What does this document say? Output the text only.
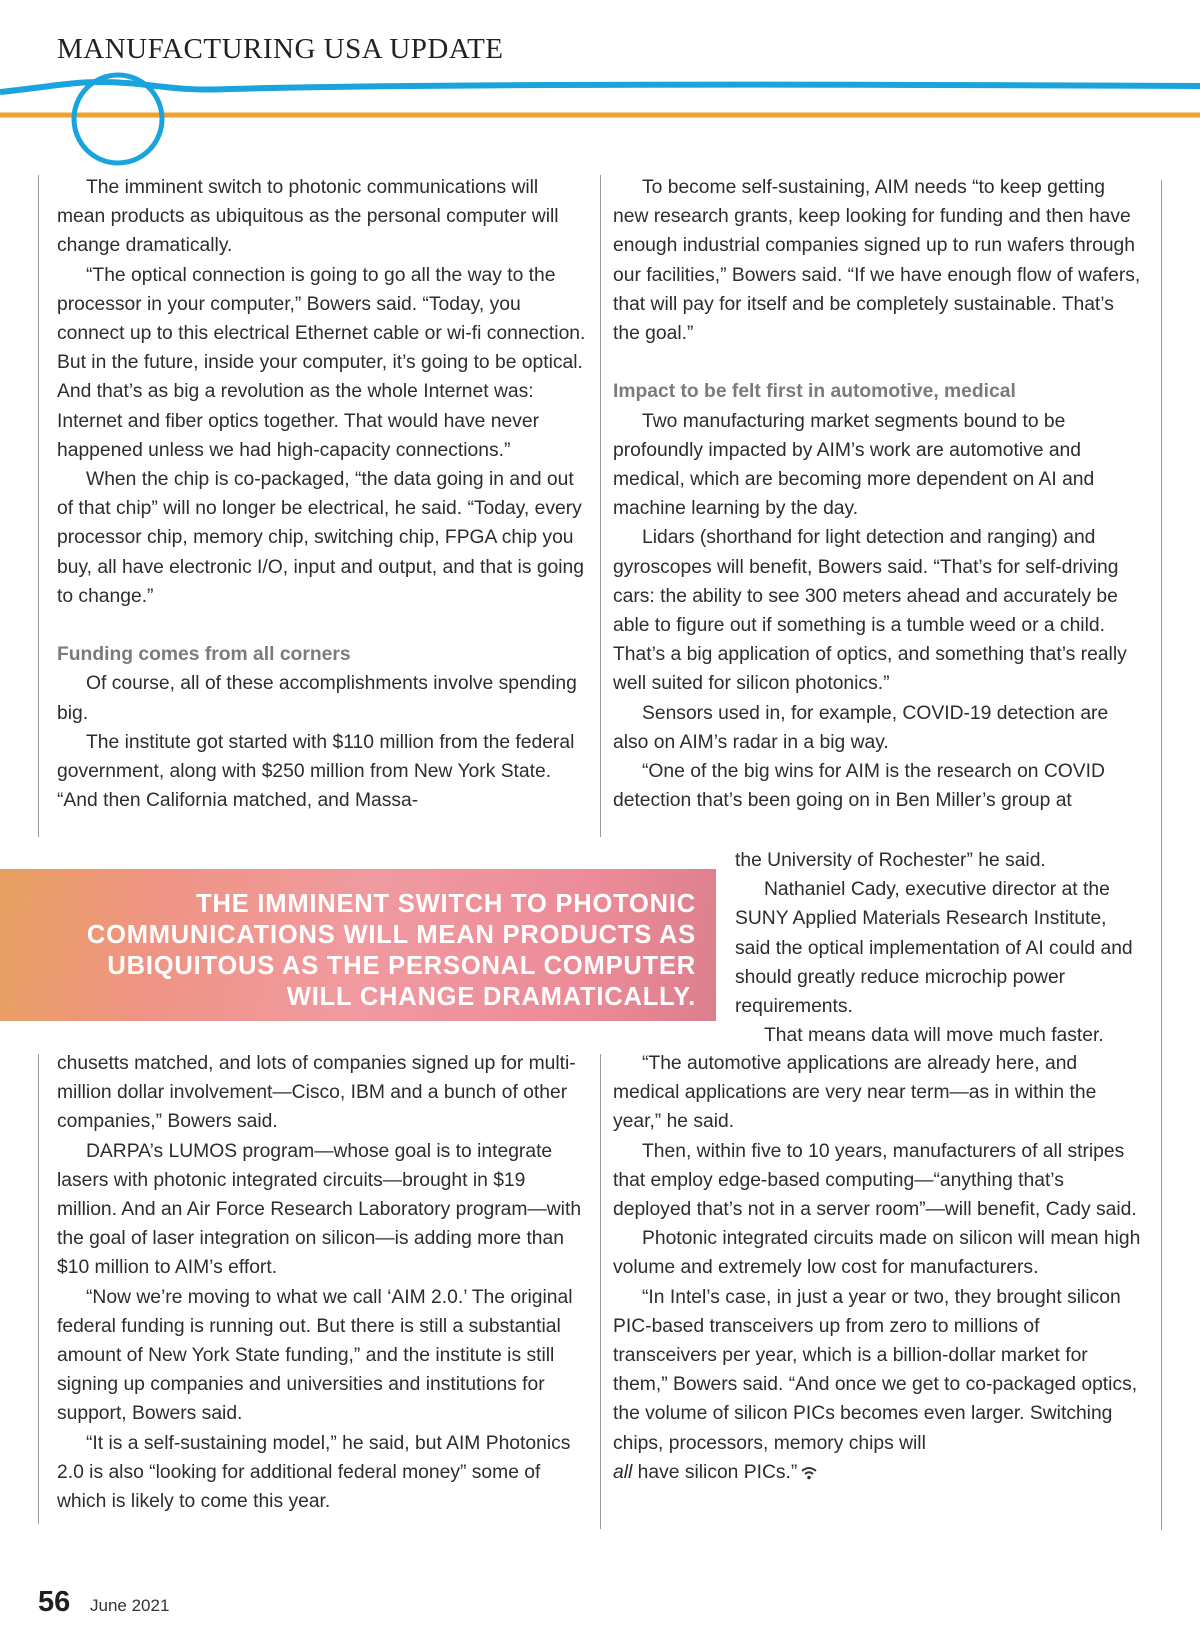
MANUFACTURING USA UPDATE

The imminent switch to photonic communications will mean products as ubiquitous as the personal computer will change dramatically.

“The optical connection is going to go all the way to the processor in your computer,” Bowers said. “Today, you connect up to this electrical Ethernet cable or wi-fi connection. But in the future, inside your computer, it’s going to be optical. And that’s as big a revolution as the whole Internet was: Internet and fiber optics together. That would have never happened unless we had high-capacity connections.”

When the chip is co-packaged, “the data going in and out of that chip” will no longer be electrical, he said. “Today, every processor chip, memory chip, switching chip, FPGA chip you buy, all have electronic I/O, input and output, and that is going to change.”

Funding comes from all corners

Of course, all of these accomplishments involve spending big.

The institute got started with $110 million from the federal government, along with $250 million from New York State. “And then California matched, and Massa-

THE IMMINENT SWITCH TO PHOTONIC COMMUNICATIONS WILL MEAN PRODUCTS AS UBIQUITOUS AS THE PERSONAL COMPUTER WILL CHANGE DRAMATICALLY.

chusetts matched, and lots of companies signed up for multi-million dollar involvement—Cisco, IBM and a bunch of other companies,” Bowers said.

DARPA’s LUMOS program—whose goal is to integrate lasers with photonic integrated circuits—brought in $19 million. And an Air Force Research Laboratory program—with the goal of laser integration on silicon—is adding more than $10 million to AIM’s effort.

“Now we’re moving to what we call ‘AIM 2.0.’ The original federal funding is running out. But there is still a substantial amount of New York State funding,” and the institute is still signing up companies and universities and institutions for support, Bowers said.

“It is a self-sustaining model,” he said, but AIM Photonics 2.0 is also “looking for additional federal money” some of which is likely to come this year.

To become self-sustaining, AIM needs “to keep getting new research grants, keep looking for funding and then have enough industrial companies signed up to run wafers through our facilities,” Bowers said. “If we have enough flow of wafers, that will pay for itself and be completely sustainable. That’s the goal.”

Impact to be felt first in automotive, medical

Two manufacturing market segments bound to be profoundly impacted by AIM’s work are automotive and medical, which are becoming more dependent on AI and machine learning by the day.

Lidars (shorthand for light detection and ranging) and gyroscopes will benefit, Bowers said. “That’s for self-driving cars: the ability to see 300 meters ahead and accurately be able to figure out if something is a tumble weed or a child. That’s a big application of optics, and something that’s really well suited for silicon photonics.”

Sensors used in, for example, COVID-19 detection are also on AIM’s radar in a big way.

“One of the big wins for AIM is the research on COVID detection that’s been going on in Ben Miller’s group at

the University of Rochester” he said.

Nathaniel Cady, executive director at the SUNY Applied Materials Research Institute, said the optical implementation of AI could and should greatly reduce microchip power requirements.

That means data will move much faster.

“The automotive applications are already here, and medical applications are very near term—as in within the year,” he said.

Then, within five to 10 years, manufacturers of all stripes that employ edge-based computing—“anything that’s deployed that’s not in a server room”—will benefit, Cady said.

Photonic integrated circuits made on silicon will mean high volume and extremely low cost for manufacturers.

“In Intel’s case, in just a year or two, they brought silicon PIC-based transceivers up from zero to millions of transceivers per year, which is a billion-dollar market for them,” Bowers said. “And once we get to co-packaged optics, the volume of silicon PICs becomes even larger. Switching chips, processors, memory chips will

all have silicon PICs.”

56 June 2021
